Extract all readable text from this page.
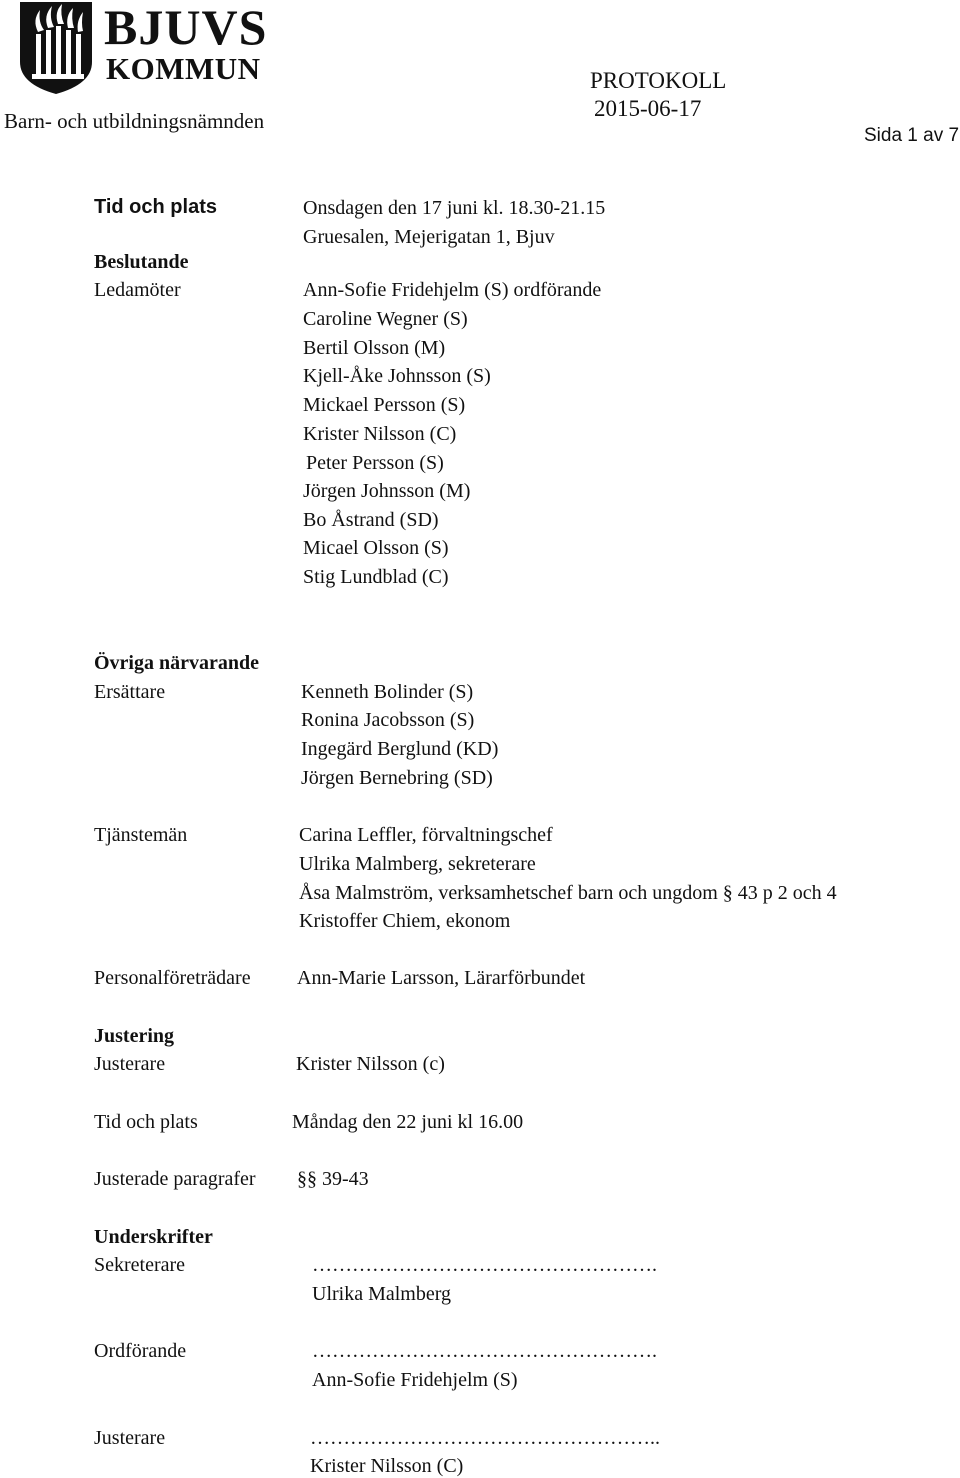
BJUVS
KOMMUN
Barn- och utbildningsnämnden
PROTOKOLL
2015-06-17
Sida 1 av 7
Tid och plats	Onsdagen den 17 juni kl. 18.30-21.15
Gruesalen, Mejerigatan 1, Bjuv
Beslutande
Ledamöter	Ann-Sofie Fridehjelm (S) ordförande
Caroline Wegner (S)
Bertil Olsson (M)
Kjell-Åke Johnsson (S)
Mickael Persson (S)
Krister Nilsson (C)
Peter Persson (S)
Jörgen Johnsson (M)
Bo Åstrand (SD)
Micael Olsson (S)
Stig Lundblad (C)
Övriga närvarande
Ersättare	Kenneth Bolinder (S)
Ronina Jacobsson (S)
Ingegärd Berglund (KD)
Jörgen Bernebring (SD)
Tjänstemän	Carina Leffler, förvaltningschef
Ulrika Malmberg, sekreterare
Åsa Malmström, verksamhetschef barn och ungdom § 43 p 2 och 4
Kristoffer Chiem, ekonom
Personalföreträdare Ann-Marie Larsson, Lärarförbundet
Justering
Justerare	Krister Nilsson (c)
Tid och plats	Måndag den 22 juni kl 16.00
Justerade paragrafer §§ 39-43
Underskrifter
Sekreterare	…………………………………………….
Ulrika Malmberg
Ordförande	…………………………………………….
Ann-Sofie Fridehjelm (S)
Justerare	……………………………………………..
Krister Nilsson (C)
